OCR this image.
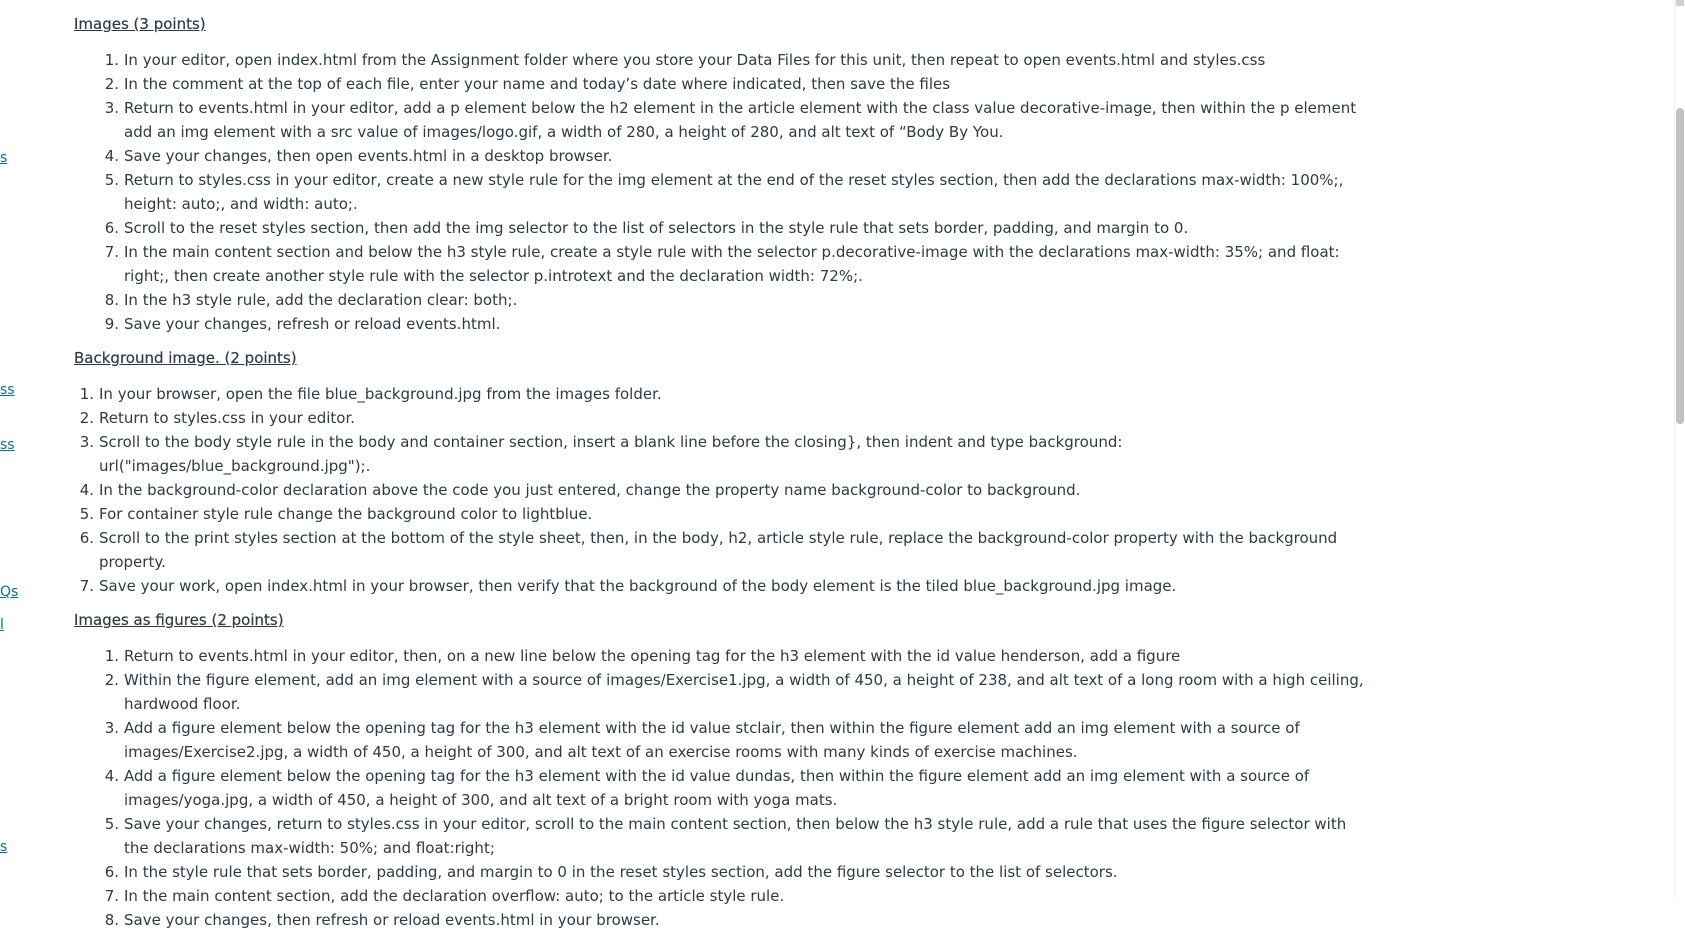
s
ss
ss
Qs
l
s
Images (3 points)
1. In your editor, open index.html from the Assignment folder where you store your Data Files for this unit, then repeat to open events.html and styles.css
2. In the comment at the top of each file, enter your name and today’s date where indicated, then save the files
3. Return to events.html in your editor, add a p element below the h2 element in the article element with the class value decorative-image, then within the p element add an img element with a src value of images/logo.gif, a width of 280, a height of 280, and alt text of “Body By You.
4. Save your changes, then open events.html in a desktop browser.
5. Return to styles.css in your editor, create a new style rule for the img element at the end of the reset styles section, then add the declarations max-width: 100%;, height: auto;, and width: auto;.
6. Scroll to the reset styles section, then add the img selector to the list of selectors in the style rule that sets border, padding, and margin to 0.
7. In the main content section and below the h3 style rule, create a style rule with the selector p.decorative-image with the declarations max-width: 35%; and float: right;, then create another style rule with the selector p.introtext and the declaration width: 72%;.
8. In the h3 style rule, add the declaration clear: both;.
9. Save your changes, refresh or reload events.html.
Background image. (2 points)
1. In your browser, open the file blue_background.jpg from the images folder.
2. Return to styles.css in your editor.
3. Scroll to the body style rule in the body and container section, insert a blank line before the closing}, then indent and type background: url("images/blue_background.jpg");.
4. In the background-color declaration above the code you just entered, change the property name background-color to background.
5. For container style rule change the background color to lightblue.
6. Scroll to the print styles section at the bottom of the style sheet, then, in the body, h2, article style rule, replace the background-color property with the background property.
7. Save your work, open index.html in your browser, then verify that the background of the body element is the tiled blue_background.jpg image.
Images as figures (2 points)
1. Return to events.html in your editor, then, on a new line below the opening tag for the h3 element with the id value henderson, add a figure
2. Within the figure element, add an img element with a source of images/Exercise1.jpg, a width of 450, a height of 238, and alt text of a long room with a high ceiling, hardwood floor.
3. Add a figure element below the opening tag for the h3 element with the id value stclair, then within the figure element add an img element with a source of images/Exercise2.jpg, a width of 450, a height of 300, and alt text of an exercise rooms with many kinds of exercise machines.
4. Add a figure element below the opening tag for the h3 element with the id value dundas, then within the figure element add an img element with a source of images/yoga.jpg, a width of 450, a height of 300, and alt text of a bright room with yoga mats.
5. Save your changes, return to styles.css in your editor, scroll to the main content section, then below the h3 style rule, add a rule that uses the figure selector with the declarations max-width: 50%; and float:right;
6. In the style rule that sets border, padding, and margin to 0 in the reset styles section, add the figure selector to the list of selectors.
7. In the main content section, add the declaration overflow: auto; to the article style rule.
8. Save your changes, then refresh or reload events.html in your browser.
